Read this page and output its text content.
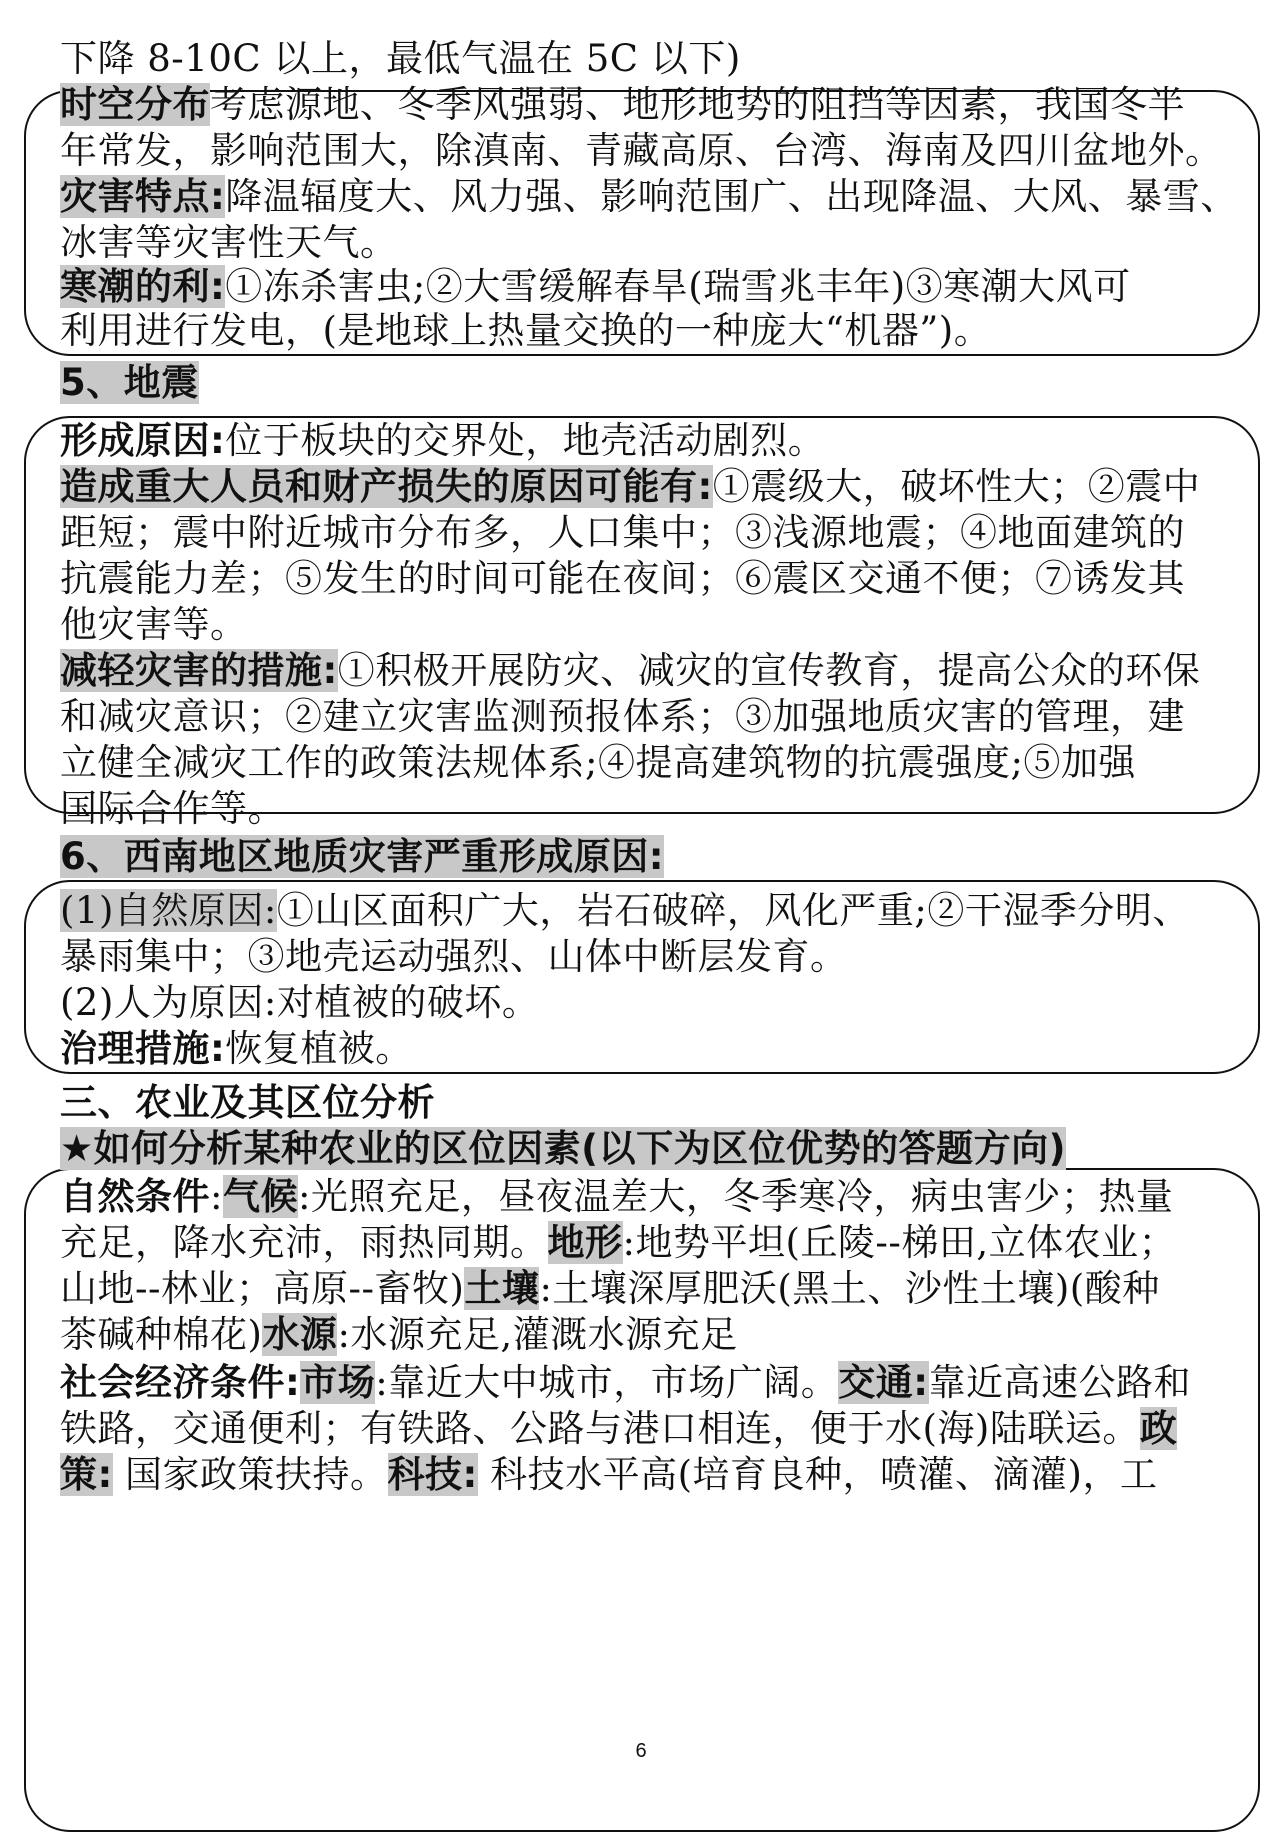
下降 8-10C 以上，最低气温在 5C 以下)
时空分布考虑源地、冬季风强弱、地形地势的阻挡等因素，我国冬半
年常发，影响范围大，除滇南、青藏高原、台湾、海南及四川盆地外。
灾害特点:降温辐度大、风力强、影响范围广、出现降温、大风、暴雪、
冰害等灾害性天气。
寒潮的利:①冻杀害虫;②大雪缓解春旱(瑞雪兆丰年)③寒潮大风可
利用进行发电，(是地球上热量交换的一种庞大“机器”)。
5、地震
形成原因:位于板块的交界处，地壳活动剧烈。
造成重大人员和财产损失的原因可能有:①震级大，破坏性大；②震中
距短；震中附近城市分布多，人口集中；③浅源地震；④地面建筑的
抗震能力差；⑤发生的时间可能在夜间；⑥震区交通不便；⑦诱发其
他灾害等。
减轻灾害的措施:①积极开展防灾、减灾的宣传教育，提高公众的环保
和减灾意识；②建立灾害监测预报体系；③加强地质灾害的管理，建
立健全减灾工作的政策法规体系;④提高建筑物的抗震强度;⑤加强
国际合作等。
6、西南地区地质灾害严重形成原因:
(1)自然原因:①山区面积广大，岩石破碎，风化严重;②干湿季分明、
暴雨集中；③地壳运动强烈、山体中断层发育。
(2)人为原因:对植被的破坏。
治理措施:恢复植被。
三、农业及其区位分析
★如何分析某种农业的区位因素(以下为区位优势的答题方向)
自然条件:气候:光照充足，昼夜温差大，冬季寒冷，病虫害少；热量
充足，降水充沛，雨热同期。地形:地势平坦(丘陵--梯田,立体农业；
山地--林业；高原--畜牧)土壤:土壤深厚肥沃(黑土、沙性土壤)(酸种
茶碱种棉花)水源:水源充足,灌溉水源充足
社会经济条件:市场:靠近大中城市，市场广阔。交通:靠近高速公路和
铁路，交通便利；有铁路、公路与港口相连，便于水(海)陆联运。政
策: 国家政策扶持。科技: 科技水平高(培育良种，喷灌、滴灌)，工
6
